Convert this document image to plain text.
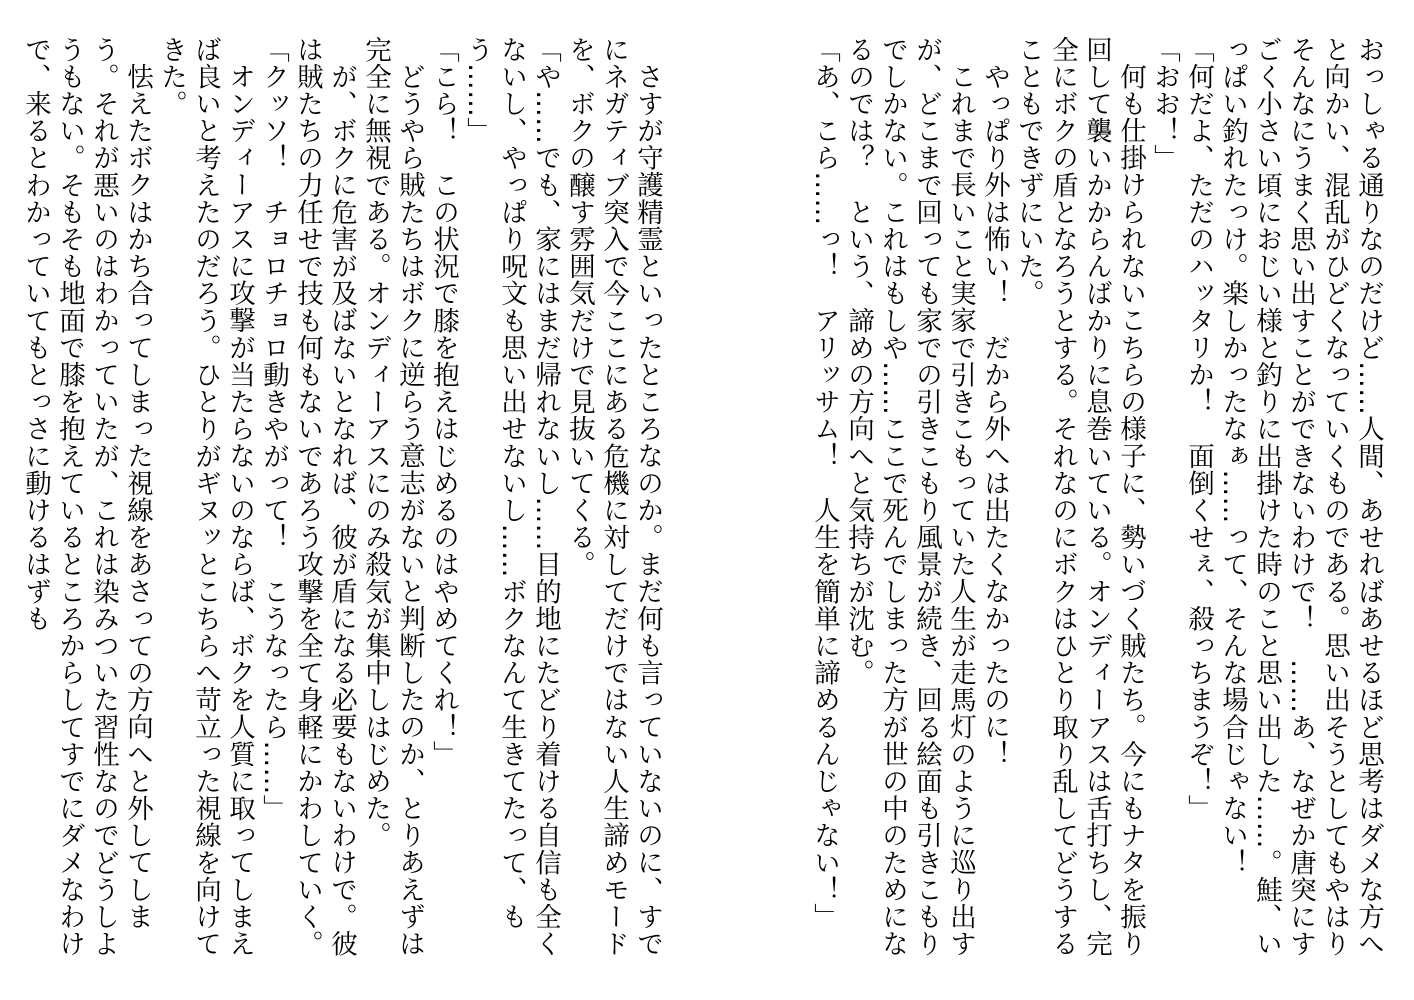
おっしゃる通りなのだけど……人間、あせればあせるほど思考はダメな方へと向かい、混乱がひどくなっていくものである。思い出そうとしてもやはりそんなにうまく思い出すことができないわけで！　……あ、なぜか唐突にすごく小さい頃におじい様と釣りに出掛けた時のこと思い出した……。鮭、いっぱい釣れたっけ。楽しかったなぁ……って、そんな場合じゃない！

「何だよ、ただのハッタリか！　面倒くせぇ、殺っちまうぞ！」

「おお！」

何も仕掛けられないこちらの様子に、勢いづく賊たち。今にもナタを振り回して襲いかからんばかりに息巻いている。オンディーアスは舌打ちし、完全にボクの盾となろうとする。それなのにボクはひとり取り乱してどうすることもできずにいた。

やっぱり外は怖い！　だから外へは出たくなかったのに！

これまで長いこと実家で引きこもっていた人生が走馬灯のように巡り出すが、どこまで回っても家での引きこもり風景が続き、回る絵面も引きこもりでしかない。これはもしや……ここで死んでしまった方が世の中のためになるのでは？　という、諦めの方向へと気持ちが沈む。

「あ、こら……っ！　アリッサム！　人生を簡単に諦めるんじゃない！」

さすが守護精霊といったところなのか。まだ何も言っていないのに、すでにネガティブ突入で今ここにある危機に対してだけではない人生諦めモードを、ボクの醸す雰囲気だけで見抜いてくる。

「や……でも、家にはまだ帰れないし……目的地にたどり着ける自信も全くないし、やっぱり呪文も思い出せないし……ボクなんて生きてたって、もう……」

「こら！　この状況で膝を抱えはじめるのはやめてくれ！」

どうやら賊たちはボクに逆らう意志がないと判断したのか、とりあえずは完全に無視である。オンディーアスにのみ殺気が集中しはじめた。

が、ボクに危害が及ばないとなれば、彼が盾になる必要もないわけで。彼は賊たちの力任せで技も何もないであろう攻撃を全て身軽にかわしていく。

「クッソ！　チョロチョロ動きやがって！　こうなったら……」

オンディーアスに攻撃が当たらないのならば、ボクを人質に取ってしまえば良いと考えたのだろう。ひとりがギヌッとこちらへ苛立った視線を向けてきた。

怯えたボクはかち合ってしまった視線をあさっての方向へと外してしまう。それが悪いのはわかっていたが、これは染みついた習性なのでどうしようもない。そもそも地面で膝を抱えているところからしてすでにダメなわけで、来るとわかっていてもとっさに動けるはずも
